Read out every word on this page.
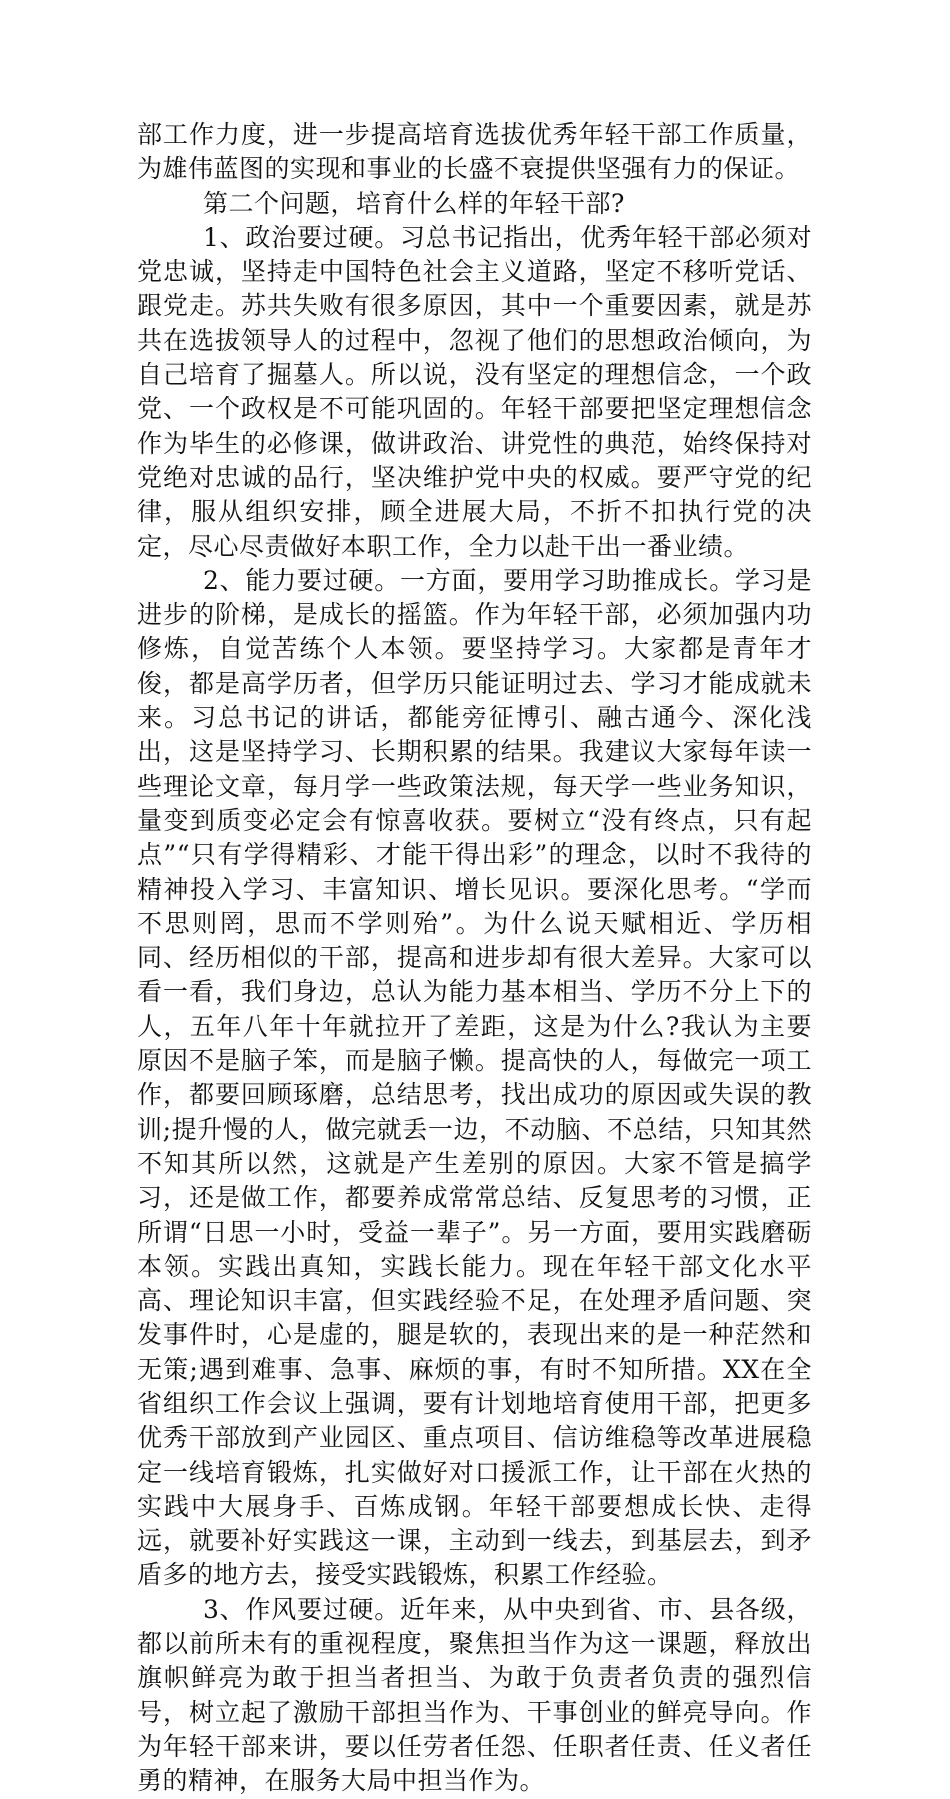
部工作力度，进一步提高培育选拔优秀年轻干部工作质量，为雄伟蓝图的实现和事业的长盛不衰提供坚强有力的保证。

第二个问题，培育什么样的年轻干部?

1、政治要过硬。习总书记指出，优秀年轻干部必须对党忠诚，坚持走中国特色社会主义道路，坚定不移听党话、跟党走。苏共失败有很多原因，其中一个重要因素，就是苏共在选拔领导人的过程中，忽视了他们的思想政治倾向，为自己培育了掘墓人。所以说，没有坚定的理想信念，一个政党、一个政权是不可能巩固的。年轻干部要把坚定理想信念作为毕生的必修课，做讲政治、讲党性的典范，始终保持对党绝对忠诚的品行，坚决维护党中央的权威。要严守党的纪律，服从组织安排，顾全进展大局，不折不扣执行党的决定，尽心尽责做好本职工作，全力以赴干出一番业绩。

2、能力要过硬。一方面，要用学习助推成长。学习是进步的阶梯，是成长的摇篮。作为年轻干部，必须加强内功修炼，自觉苦练个人本领。要坚持学习。大家都是青年才俊，都是高学历者，但学历只能证明过去、学习才能成就未来。习总书记的讲话，都能旁征博引、融古通今、深化浅出，这是坚持学习、长期积累的结果。我建议大家每年读一些理论文章，每月学一些政策法规，每天学一些业务知识，量变到质变必定会有惊喜收获。要树立“没有终点，只有起点”“只有学得精彩、才能干得出彩”的理念，以时不我待的精神投入学习、丰富知识、增长见识。要深化思考。“学而不思则罔，思而不学则殆”。为什么说天赋相近、学历相同、经历相似的干部，提高和进步却有很大差异。大家可以看一看，我们身边，总认为能力基本相当、学历不分上下的人，五年八年十年就拉开了差距，这是为什么?我认为主要原因不是脑子笨，而是脑子懒。提高快的人，每做完一项工作，都要回顾琢磨，总结思考，找出成功的原因或失误的教训;提升慢的人，做完就丢一边，不动脑、不总结，只知其然不知其所以然，这就是产生差别的原因。大家不管是搞学习，还是做工作，都要养成常常总结、反复思考的习惯，正所谓“日思一小时，受益一辈子”。另一方面，要用实践磨砺本领。实践出真知，实践长能力。现在年轻干部文化水平高、理论知识丰富，但实践经验不足，在处理矛盾问题、突发事件时，心是虚的，腿是软的，表现出来的是一种茫然和无策;遇到难事、急事、麻烦的事，有时不知所措。XX在全省组织工作会议上强调，要有计划地培育使用干部，把更多优秀干部放到产业园区、重点项目、信访维稳等改革进展稳定一线培育锻炼，扎实做好对口援派工作，让干部在火热的实践中大展身手、百炼成钢。年轻干部要想成长快、走得远，就要补好实践这一课，主动到一线去，到基层去，到矛盾多的地方去，接受实践锻炼，积累工作经验。

3、作风要过硬。近年来，从中央到省、市、县各级，都以前所未有的重视程度，聚焦担当作为这一课题，释放出旗帜鲜亮为敢于担当者担当、为敢于负责者负责的强烈信号，树立起了激励干部担当作为、干事创业的鲜亮导向。作为年轻干部来讲，要以任劳者任怨、任职者任责、任义者任勇的精神，在服务大局中担当作为。
